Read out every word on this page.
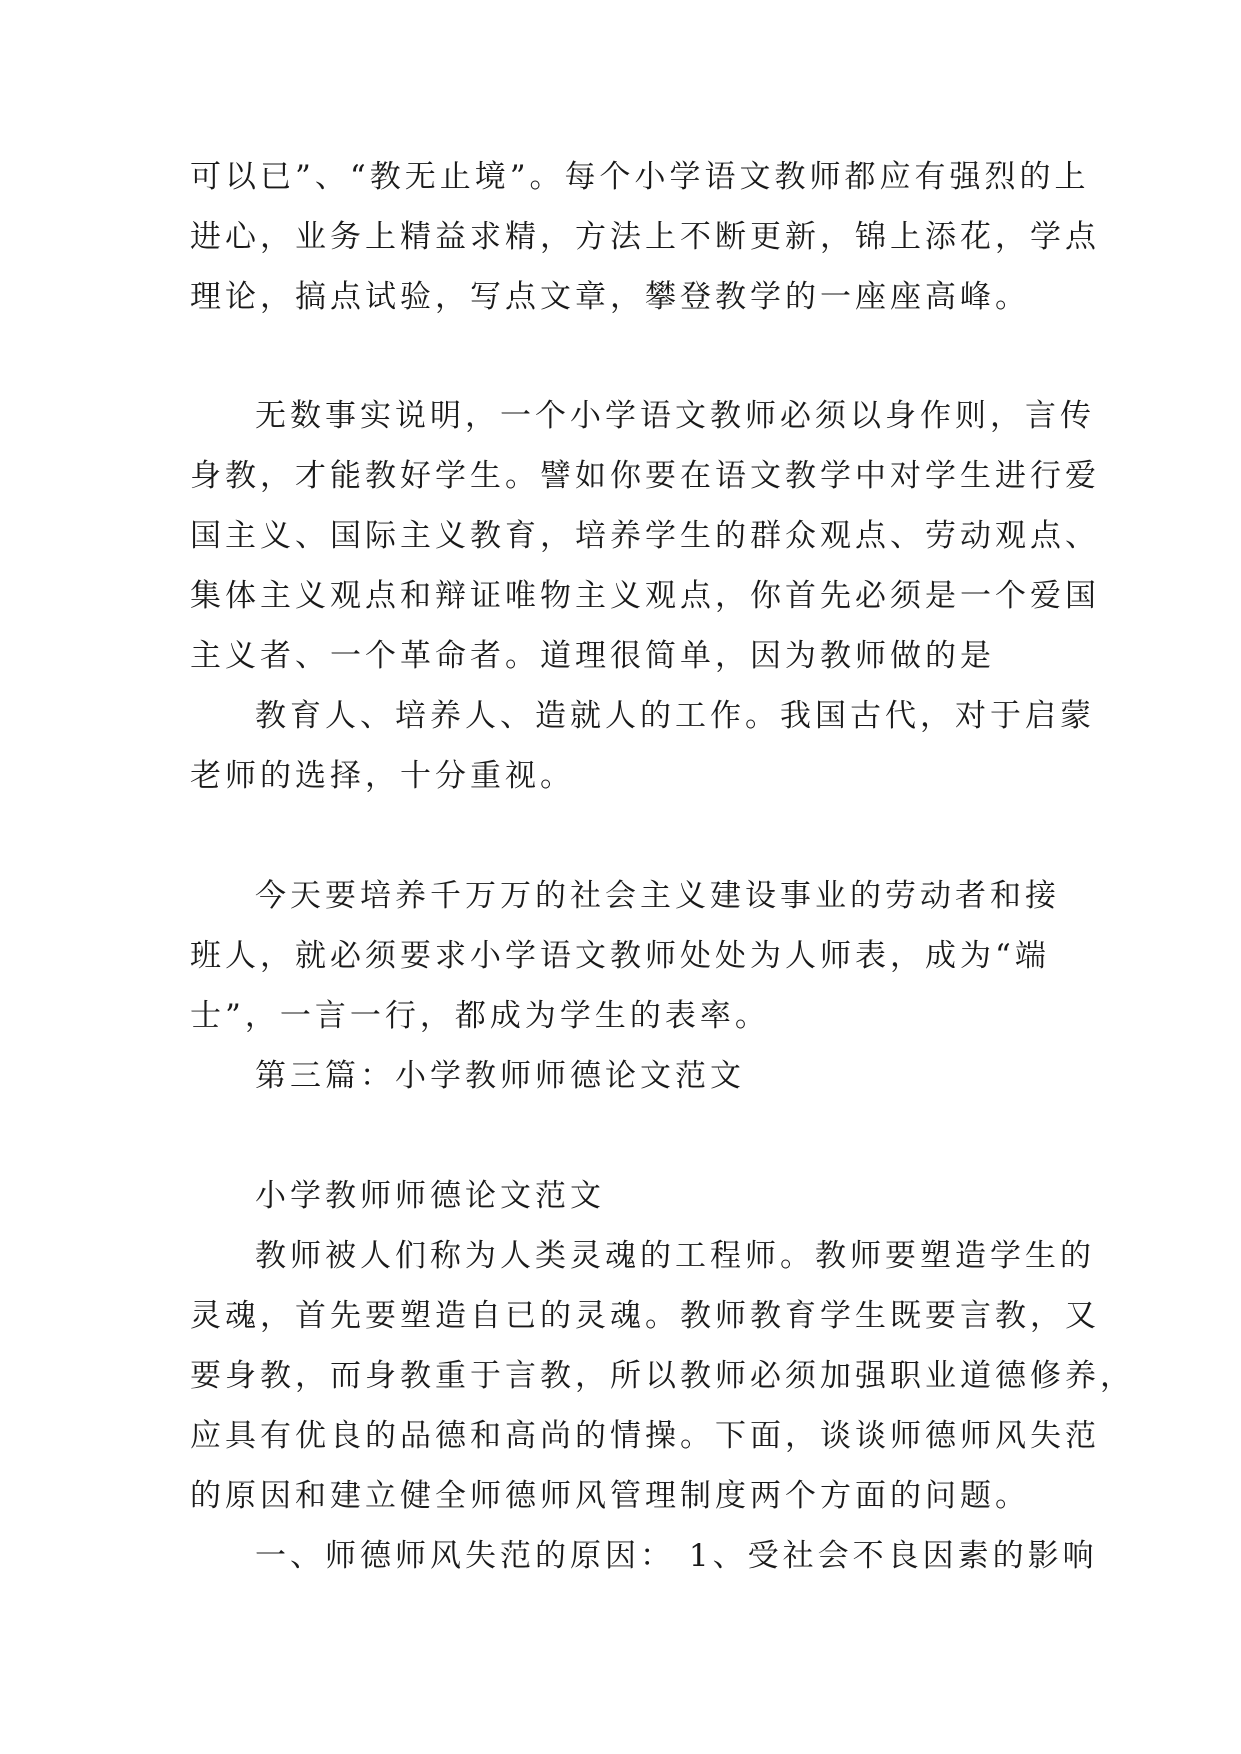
可以已”、“教无止境”。每个小学语文教师都应有强烈的上
进心，业务上精益求精，方法上不断更新，锦上添花，学点
理论，搞点试验，写点文章，攀登教学的一座座高峰。
无数事实说明，一个小学语文教师必须以身作则，言传
身教，才能教好学生。譬如你要在语文教学中对学生进行爱
国主义、国际主义教育，培养学生的群众观点、劳动观点、
集体主义观点和辩证唯物主义观点，你首先必须是一个爱国
主义者、一个革命者。道理很简单，因为教师做的是
教育人、培养人、造就人的工作。我国古代，对于启蒙
老师的选择，十分重视。
今天要培养千万万的社会主义建设事业的劳动者和接
班人，就必须要求小学语文教师处处为人师表，成为“端
士”，一言一行，都成为学生的表率。
第三篇：小学教师师德论文范文
小学教师师德论文范文
教师被人们称为人类灵魂的工程师。教师要塑造学生的
灵魂，首先要塑造自已的灵魂。教师教育学生既要言教，又
要身教，而身教重于言教，所以教师必须加强职业道德修养，
应具有优良的品德和高尚的情操。下面，谈谈师德师风失范
的原因和建立健全师德师风管理制度两个方面的问题。
一、师德师风失范的原因： 1、受社会不良因素的影响
